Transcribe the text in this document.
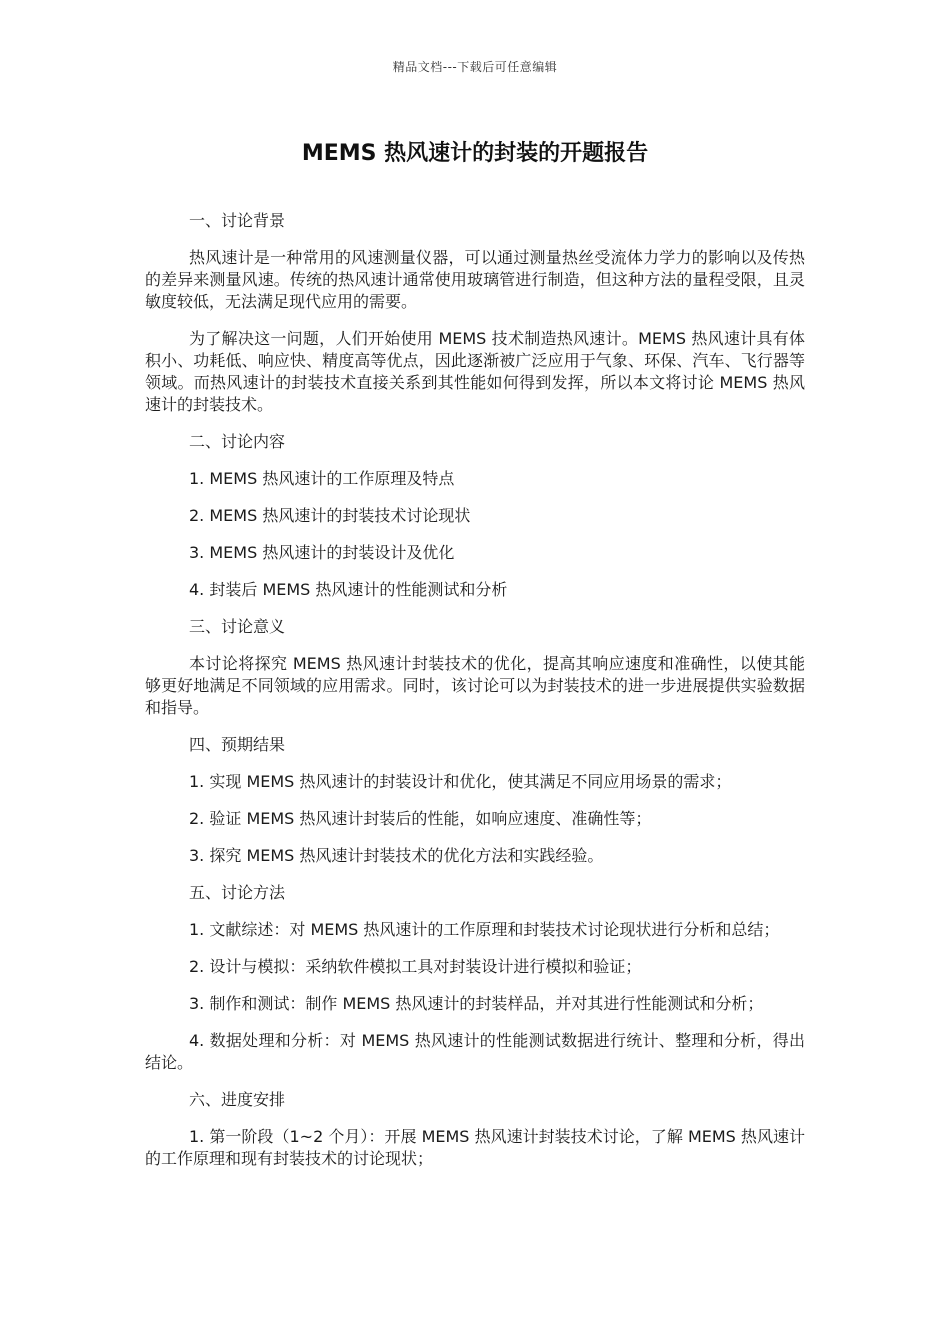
精品文档---下载后可任意编辑
MEMS 热风速计的封装的开题报告
一、讨论背景
热风速计是一种常用的风速测量仪器，可以通过测量热丝受流体力学力的影响以及传热的差异来测量风速。传统的热风速计通常使用玻璃管进行制造，但这种方法的量程受限，且灵敏度较低，无法满足现代应用的需要。
为了解决这一问题，人们开始使用 MEMS 技术制造热风速计。MEMS 热风速计具有体积小、功耗低、响应快、精度高等优点，因此逐渐被广泛应用于气象、环保、汽车、飞行器等领域。而热风速计的封装技术直接关系到其性能如何得到发挥，所以本文将讨论 MEMS 热风速计的封装技术。
二、讨论内容
1. MEMS 热风速计的工作原理及特点
2. MEMS 热风速计的封装技术讨论现状
3. MEMS 热风速计的封装设计及优化
4. 封装后 MEMS 热风速计的性能测试和分析
三、讨论意义
本讨论将探究 MEMS 热风速计封装技术的优化，提高其响应速度和准确性，以使其能够更好地满足不同领域的应用需求。同时，该讨论可以为封装技术的进一步进展提供实验数据和指导。
四、预期结果
1. 实现 MEMS 热风速计的封装设计和优化，使其满足不同应用场景的需求；
2. 验证 MEMS 热风速计封装后的性能，如响应速度、准确性等；
3. 探究 MEMS 热风速计封装技术的优化方法和实践经验。
五、讨论方法
1. 文献综述：对 MEMS 热风速计的工作原理和封装技术讨论现状进行分析和总结；
2. 设计与模拟：采纳软件模拟工具对封装设计进行模拟和验证；
3. 制作和测试：制作 MEMS 热风速计的封装样品，并对其进行性能测试和分析；
4. 数据处理和分析：对 MEMS 热风速计的性能测试数据进行统计、整理和分析，得出结论。
六、进度安排
1. 第一阶段（1~2 个月）：开展 MEMS 热风速计封装技术讨论，了解 MEMS 热风速计的工作原理和现有封装技术的讨论现状；
